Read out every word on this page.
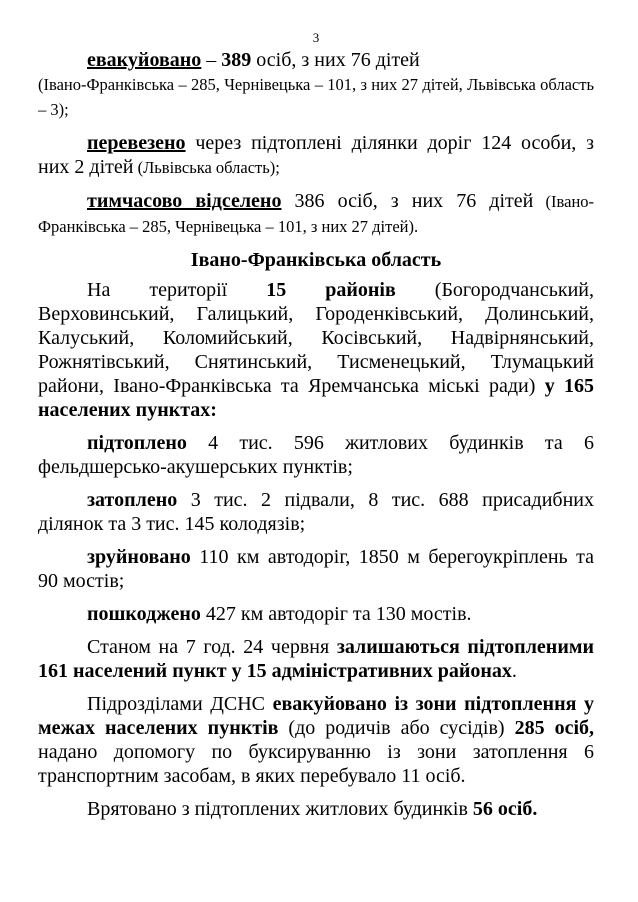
3

евакуйовано – 389 осіб, з них 76 дітей
(Івано-Франківська – 285, Чернівецька – 101, з них 27 дітей, Львівська область – 3);

перевезено через підтоплені ділянки доріг 124 особи, з них 2 дітей (Львівська область);

тимчасово відселено 386 осіб, з них 76 дітей (Івано-Франківська – 285, Чернівецька – 101, з них 27 дітей).

Івано-Франківська область

На території 15 районів (Богородчанський, Верховинський, Галицький, Городенківський, Долинський, Калуський, Коломийський, Косівський, Надвірнянський, Рожнятівський, Снятинський, Тисменецький, Тлумацький райони, Івано-Франківська та Яремчанська міські ради) у 165 населених пунктах:

підтоплено 4 тис. 596 житлових будинків та 6 фельдшерсько-акушерських пунктів;

затоплено 3 тис. 2 підвали, 8 тис. 688 присадибних ділянок та 3 тис. 145 колодязів;

зруйновано 110 км автодоріг, 1850 м берегоукріплень та 90 мостів;

пошкоджено 427 км автодоріг та 130 мостів.

Станом на 7 год. 24 червня залишаються підтопленими 161 населений пункт у 15 адміністративних районах.

Підрозділами ДСНС евакуйовано із зони підтоплення у межах населених пунктів (до родичів або сусідів) 285 осіб, надано допомогу по буксируванню із зони затоплення 6 транспортним засобам, в яких перебувало 11 осіб.

Врятовано з підтоплених житлових будинків 56 осіб.
